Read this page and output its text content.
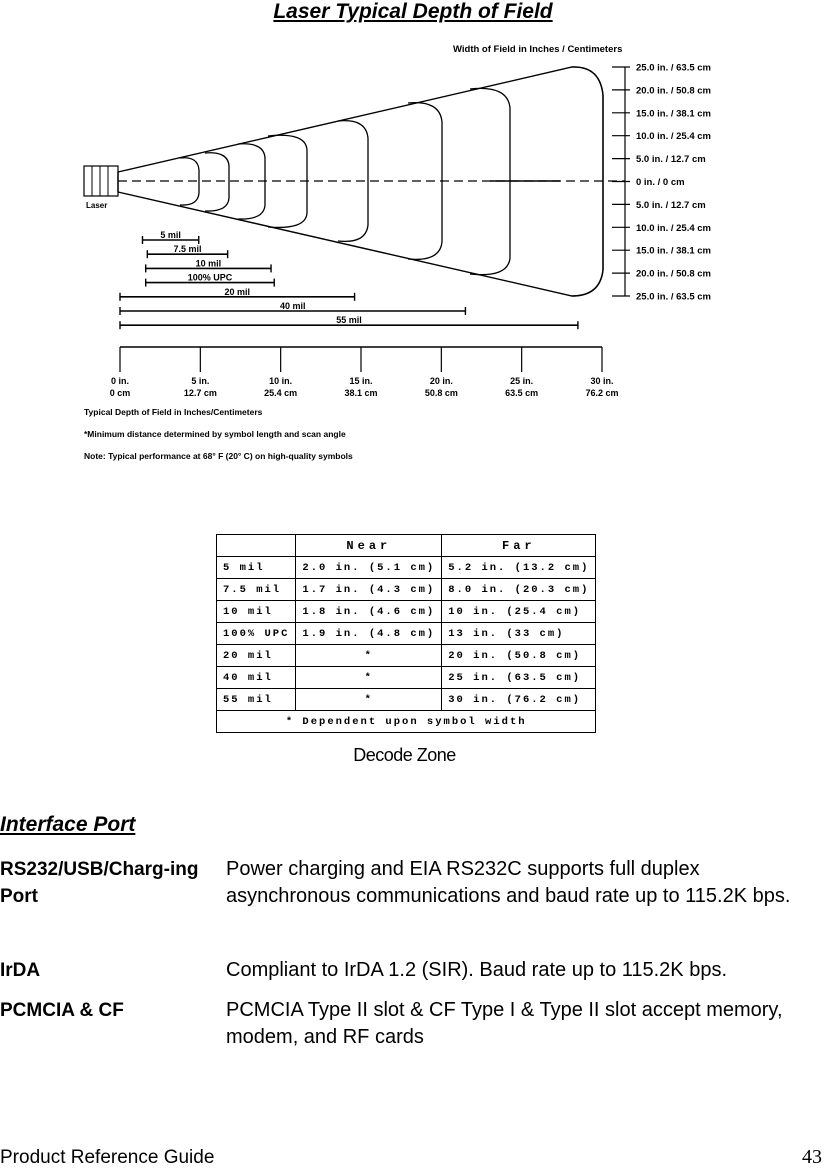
Laser Typical Depth of Field
Width of Field in Inches / Centimeters
Laser
25.0 in. / 63.5 cm
20.0 in. / 50.8 cm
15.0 in. / 38.1 cm
10.0 in. / 25.4 cm
5.0 in. / 12.7 cm
0 in. / 0 cm
5.0 in. / 12.7 cm
10.0 in. / 25.4 cm
15.0 in. / 38.1 cm
20.0 in. / 50.8 cm
25.0 in. / 63.5 cm
5 mil
7.5 mil
10 mil
100% UPC
20 mil
40 mil
55 mil
0 in.
0 cm
5 in.
12.7 cm
10 in.
25.4 cm
15 in.
38.1 cm
20 in.
50.8 cm
25 in.
63.5 cm
30 in.
76.2 cm
Typical Depth of Field in Inches/Centimeters
*Minimum distance determined by symbol length and scan angle
Note: Typical performance at 68° F (20° C) on high-quality symbols
	Near	Far
5 mil	2.0 in. (5.1 cm)	5.2 in. (13.2 cm)
7.5 mil	1.7 in. (4.3 cm)	8.0 in. (20.3 cm)
10 mil	1.8 in. (4.6 cm)	10 in. (25.4 cm)
100% UPC	1.9 in. (4.8 cm)	13 in. (33 cm)
20 mil	*	20 in. (50.8 cm)
40 mil	*	25 in. (63.5 cm)
55 mil	*	30 in. (76.2 cm)
* Dependent upon symbol width		
Decode Zone
Interface Port
RS232/USB/Charg-ing Port
Power charging and EIA RS232C supports full duplex asynchronous communications and baud rate up to 115.2K bps.
IrDA	Compliant to IrDA 1.2 (SIR). Baud rate up to 115.2K bps.
PCMCIA & CF	PCMCIA Type II slot & CF Type I & Type II slot accept memory, modem, and RF cards
Product Reference Guide	43
